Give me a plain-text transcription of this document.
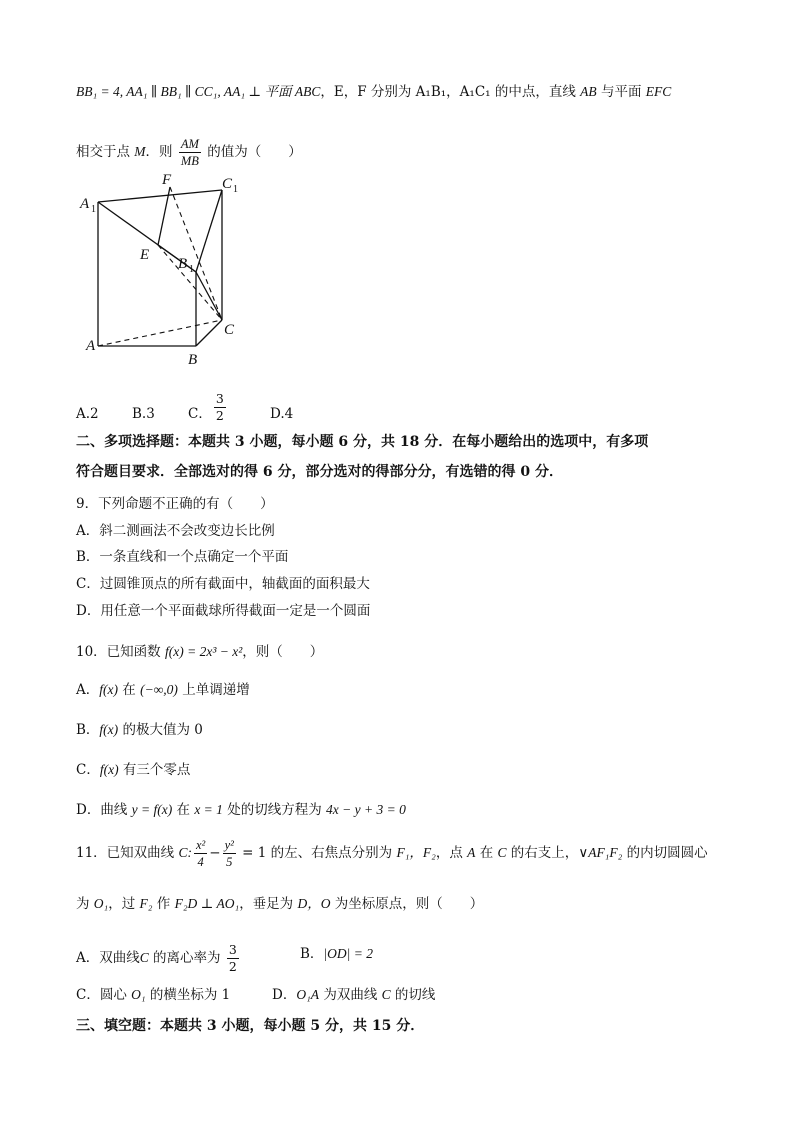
BB₁ = 4, AA₁ ∥ BB₁ ∥ CC₁, AA₁ ⊥ 平面 ABC，E，F 分别为 A₁B₁，A₁C₁ 的中点，直线 AB 与平面 EFC
相交于点 M．则 $\frac{AM}{MB}$ 的值为（　　）
A 1
F	C 1
E
B 1
C
A
B
A.2 B.3 C． $\frac{3}{2}$	D.4
二、多项选择题：本题共 3 小题，每小题 6 分，共 18 分．在每小题给出的选项中，有多项
符合题目要求．全部选对的得 6 分，部分选对的得部分分，有选错的得 0 分．
9．下列命题不正确的有（　　）
A．斜二测画法不会改变边长比例
B．一条直线和一个点确定一个平面
C．过圆锥顶点的所有截面中，轴截面的面积最大
D．用任意一个平面截球所得截面一定是一个圆面
10．已知函数 f(x) = 2x³ − x²，则（　　）
A．f(x) 在 (−∞,0) 上单调递增
B．f(x) 的极大值为 0
C．f(x) 有三个零点
D．曲线 y = f(x) 在 x = 1 处的切线方程为 4x − y + 3 = 0
11．已知双曲线 C: $\frac{\text{x²}}{4} - \frac{\text{y²}}{5} = 1$ 的左、右焦点分别为 F₁，F₂，点 A 在 C 的右支上，∨AF₁F₂ 的内切圆圆心
为 O₁，过 F₂ 作 F₂D ⊥ AO₁，垂足为 D，O 为坐标原点，则（　　）
A．双曲线C 的离心率为 $\frac{3}{2}$	B．|OD| = 2
C．圆心 O₁ 的横坐标为 1	D．O₁A 为双曲线 C 的切线
三、填空题：本题共 3 小题，每小题 5 分，共 15 分．
